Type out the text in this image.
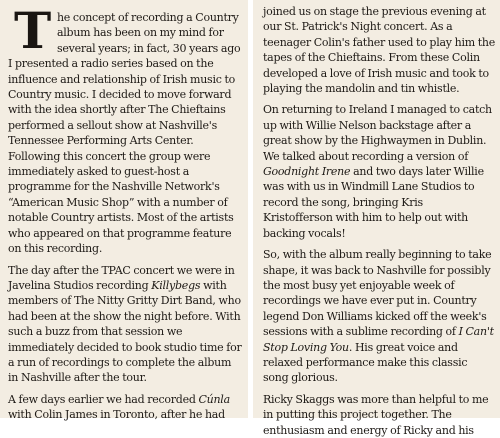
The concept of recording a Country album has been on my mind for several years; in fact, 30 years ago I presented a radio series based on the influence and relationship of Irish music to Country music. I decided to move forward with the idea shortly after The Chieftains performed a sellout show at Nashville's Tennessee Performing Arts Center. Following this concert the group were immediately asked to guest-host a programme for the Nashville Network's “American Music Shop” with a number of notable Country artists. Most of the artists who appeared on that programme feature on this recording.

The day after the TPAC concert we were in Javelina Studios recording Killybegs with members of The Nitty Gritty Dirt Band, who had been at the show the night before. With such a buzz from that session we immediately decided to book studio time for a run of recordings to complete the album in Nashville after the tour.

A few days earlier we had recorded Cúnla with Colin James in Toronto, after he had

joined us on stage the previous evening at our St. Patrick's Night concert. As a teenager Colin's father used to play him the tapes of the Chieftains. From these Colin developed a love of Irish music and took to playing the mandolin and tin whistle.

On returning to Ireland I managed to catch up with Willie Nelson backstage after a great show by the Highwaymen in Dublin. We talked about recording a version of Goodnight Irene and two days later Willie was with us in Windmill Lane Studios to record the song, bringing Kris Kristofferson with him to help out with backing vocals!

So, with the album really beginning to take shape, it was back to Nashville for possibly the most busy yet enjoyable week of recordings we have ever put in. Country legend Don Williams kicked off the week's sessions with a sublime recording of I Can't Stop Loving You. His great voice and relaxed performance make this classic song glorious.

Ricky Skaggs was more than helpful to me in putting this project together. The enthusiasm and energy of Ricky and his
